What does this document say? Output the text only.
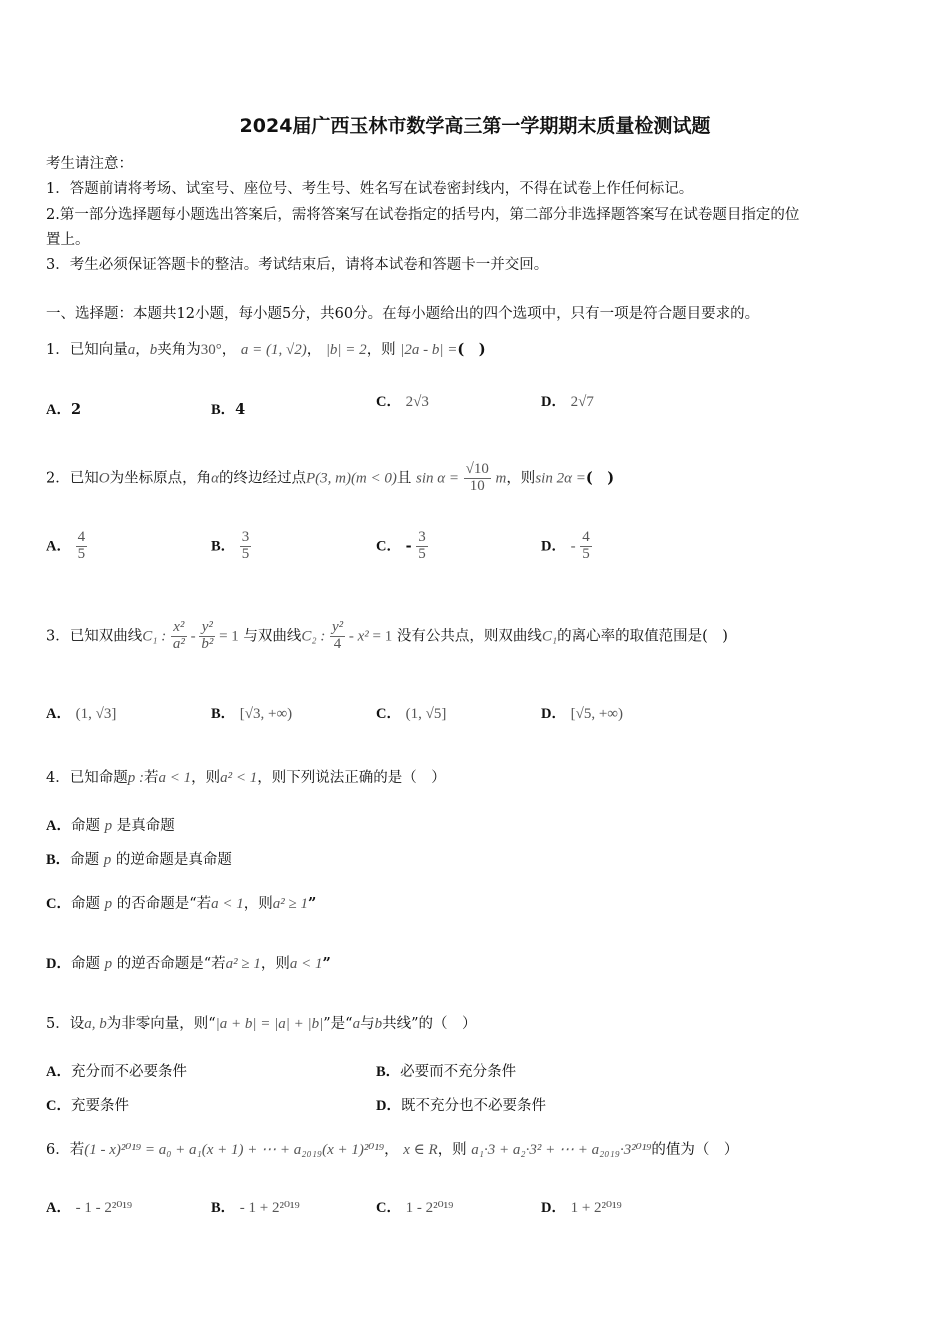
2024届广西玉林市数学高三第一学期期末质量检测试题
考生请注意：
1．答题前请将考场、试室号、座位号、考生号、姓名写在试卷密封线内，不得在试卷上作任何标记。
2.第一部分选择题每小题选出答案后，需将答案写在试卷指定的括号内，第二部分非选择题答案写在试卷题目指定的位
置上。
3．考生必须保证答题卡的整洁。考试结束后，请将本试卷和答题卡一并交回。
一、选择题：本题共12小题，每小题5分，共60分。在每小题给出的四个选项中，只有一项是符合题目要求的。
1．已知向量a，b夹角为30°， a = (1, √2)， |b| = 2，则 |2a - b| =(　)
A．2	B．4	C． 2√3	D． 2√7
2．已知O为坐标原点，角α的终边经过点P(3, m)(m < 0)且 $\sin \alpha = \frac{√10}{10}$ m，则sin 2α =(　)
A． $\frac{4}{5}$	B． $\frac{3}{5}$	C． - $\frac{3}{5}$	D． - $\frac{4}{5}$
3．已知双曲线C₁ : $\frac{\text{x²}}{\text{a²}} - \frac{\text{y²}}{\text{b²}} = 1$ 与双曲线C₂ : $\frac{\text{y²}}{4} - x^2 = 1$ 没有公共点，则双曲线C₁的离心率的取值范围是(　)
A． (1, √3]	B． [√3, +∞)	C． (1, √5]	D． [√5, +∞)
4．已知命题p :若a < 1，则a² < 1，则下列说法正确的是（　）
A．命题 p 是真命题
B．命题 p 的逆命题是真命题
C．命题 p 的否命题是“若a < 1，则a² ≥ 1”
D．命题 p 的逆否命题是“若a² ≥ 1，则a < 1”
5．设a, b为非零向量，则“|a + b| = |a| + |b|”是“a与b共线”的（　）
A．充分而不必要条件	B．必要而不充分条件
C．充要条件	D．既不充分也不必要条件
6．若(1 - x)²⁰¹⁹ = a₀ + a₁(x + 1) + ⋯ + a₂₀₁₉(x + 1)²⁰¹⁹， x ∈ R，则 a₁·3 + a₂·3² + ⋯ + a₂₀₁₉·3²⁰¹⁹的值为（　）
A． - 1 - 2²⁰¹⁹	B． - 1 + 2²⁰¹⁹	C． 1 - 2²⁰¹⁹	D． 1 + 2²⁰¹⁹
